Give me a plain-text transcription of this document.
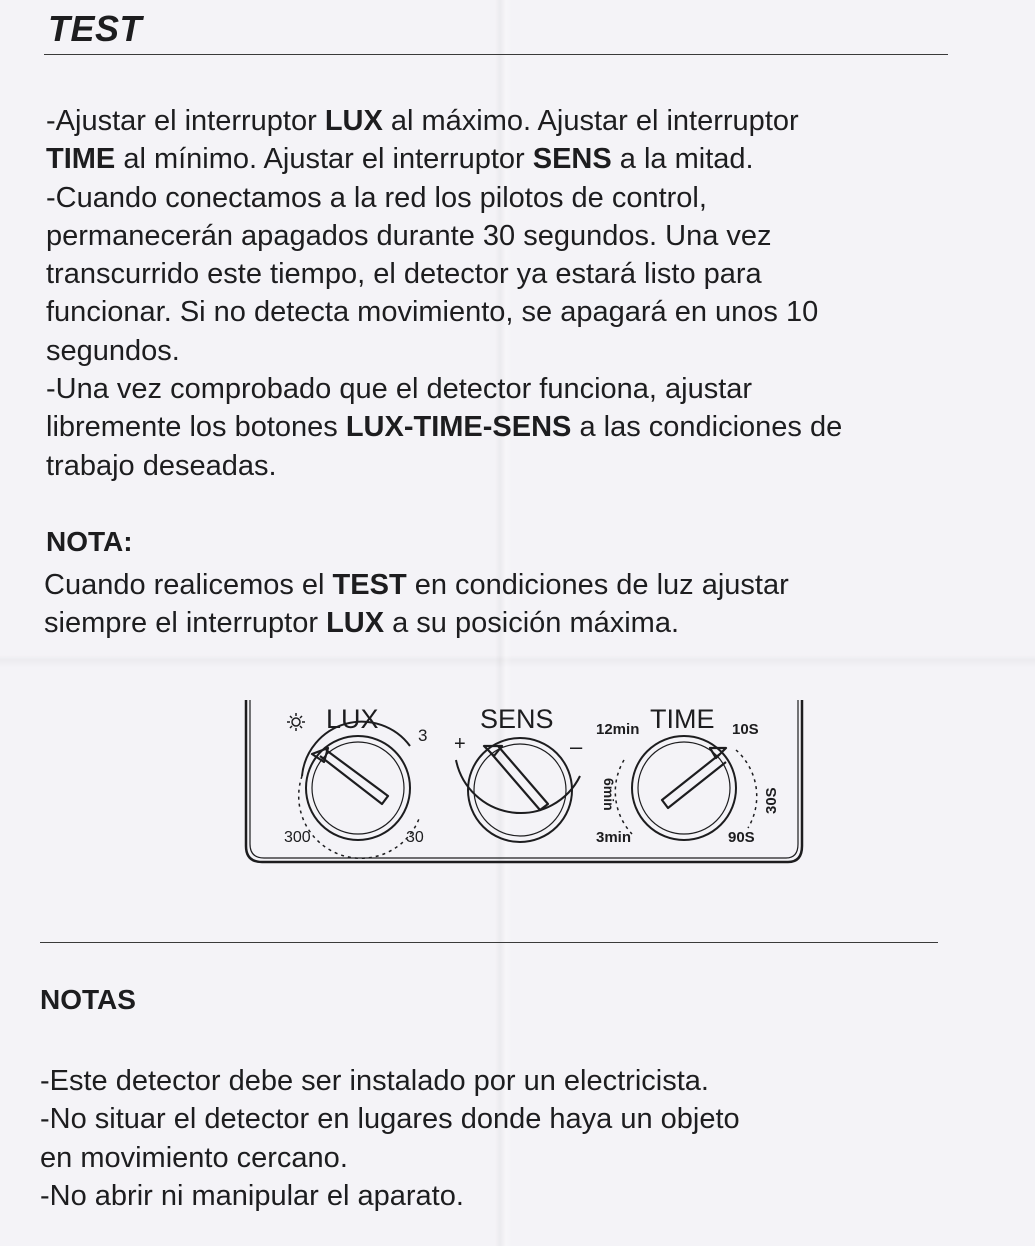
TEST
-Ajustar el interruptor LUX al máximo. Ajustar el interruptor
TIME al mínimo. Ajustar el interruptor SENS a la mitad.
-Cuando conectamos a la red los pilotos de control,
permanecerán apagados durante 30 segundos. Una vez
transcurrido este tiempo, el detector ya estará listo para
funcionar. Si no detecta movimiento, se apagará en unos 10
segundos.
-Una vez comprobado que el detector funciona, ajustar
libremente los botones LUX-TIME-SENS a las condiciones de
trabajo deseadas.
NOTA:
Cuando realicemos el TEST en condiciones de luz ajustar
siempre el interruptor LUX a su posición máxima.
LUX
3
300	30
SENS
+	–
12min TIME 10S
6min	30S
3min	90S
NOTAS
-Este detector debe ser instalado por un electricista.
-No situar el detector en lugares donde haya un objeto
en movimiento cercano.
-No abrir ni manipular el aparato.
